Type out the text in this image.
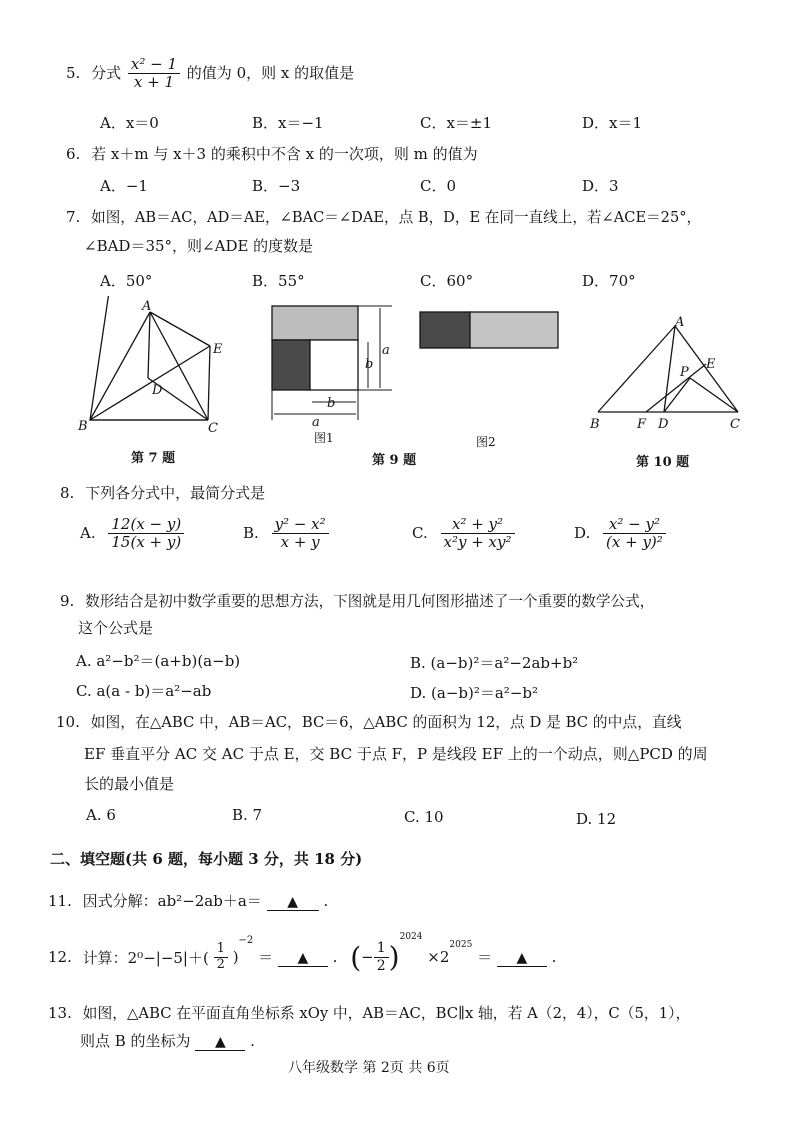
5. 分式 $\frac{\text{x² − 1}}{x + 1}$ 的值为 0，则 x 的取值是
A．x＝0	B．x＝−1	C．x＝±1	D．x＝1
6. 若 x＋m 与 x＋3 的乘积中不含 x 的一次项，则 m 的值为
A．−1	B．−3	C．0	D．3
7. 如图，AB＝AC，AD＝AE，∠BAC＝∠DAE，点 B，D，E 在同一直线上，若∠ACE＝25°，
∠BAD＝35°，则∠ADE 的度数是
A．50°	B．55°	C．60°	D．70°
A
B	C
D
E
第 7 题
a
b
b
a
图1
第 9 题
图2
A
B	C
D
E
F
P
第 10 题
8. 下列各分式中，最简分式是
A. $\frac{12(x - y)}{15(x + y)}$	B. $\frac{\text{y² − x²}}{x + y}$	C. $\frac{\text{x² + y²}}{\text{x²y + xy²}}$	D. $\frac{\text{x² − y²}}{\text{(x + y)²}}$
9. 数形结合是初中数学重要的思想方法，下图就是用几何图形描述了一个重要的数学公式，
这个公式是
A. a²−b²＝(a+b)(a−b)	B. (a−b)²＝a²−2ab+b²
C. a(a - b)＝a²−ab	D. (a−b)²＝a²−b²
10. 如图，在△ABC 中，AB＝AC，BC＝6，△ABC 的面积为 12，点 D 是 BC 的中点，直线
EF 垂直平分 AC 交 AC 于点 E，交 BC 于点 F，P 是线段 EF 上的一个动点，则△PCD 的周
长的最小值是
A. 6	B. 7	C. 10	D. 12
二、填空题(共 6 题，每小题 3 分，共 18 分)
11. 因式分解：ab²−2ab＋a＝ ▲ .
12. 计算：$2^0-|-5|+( \frac{1}{2} )^{-2}$ ＝ ▲ . (− $\frac{1}{2} )^{2024} \times 2^{2025}$ ＝ ▲ .
13. 如图，△ABC 在平面直角坐标系 xOy 中，AB＝AC，BC∥x 轴，若 A（2，4），C（5，1），
则点 B 的坐标为 ▲ .
八年级数学 第 2页 共 6页
